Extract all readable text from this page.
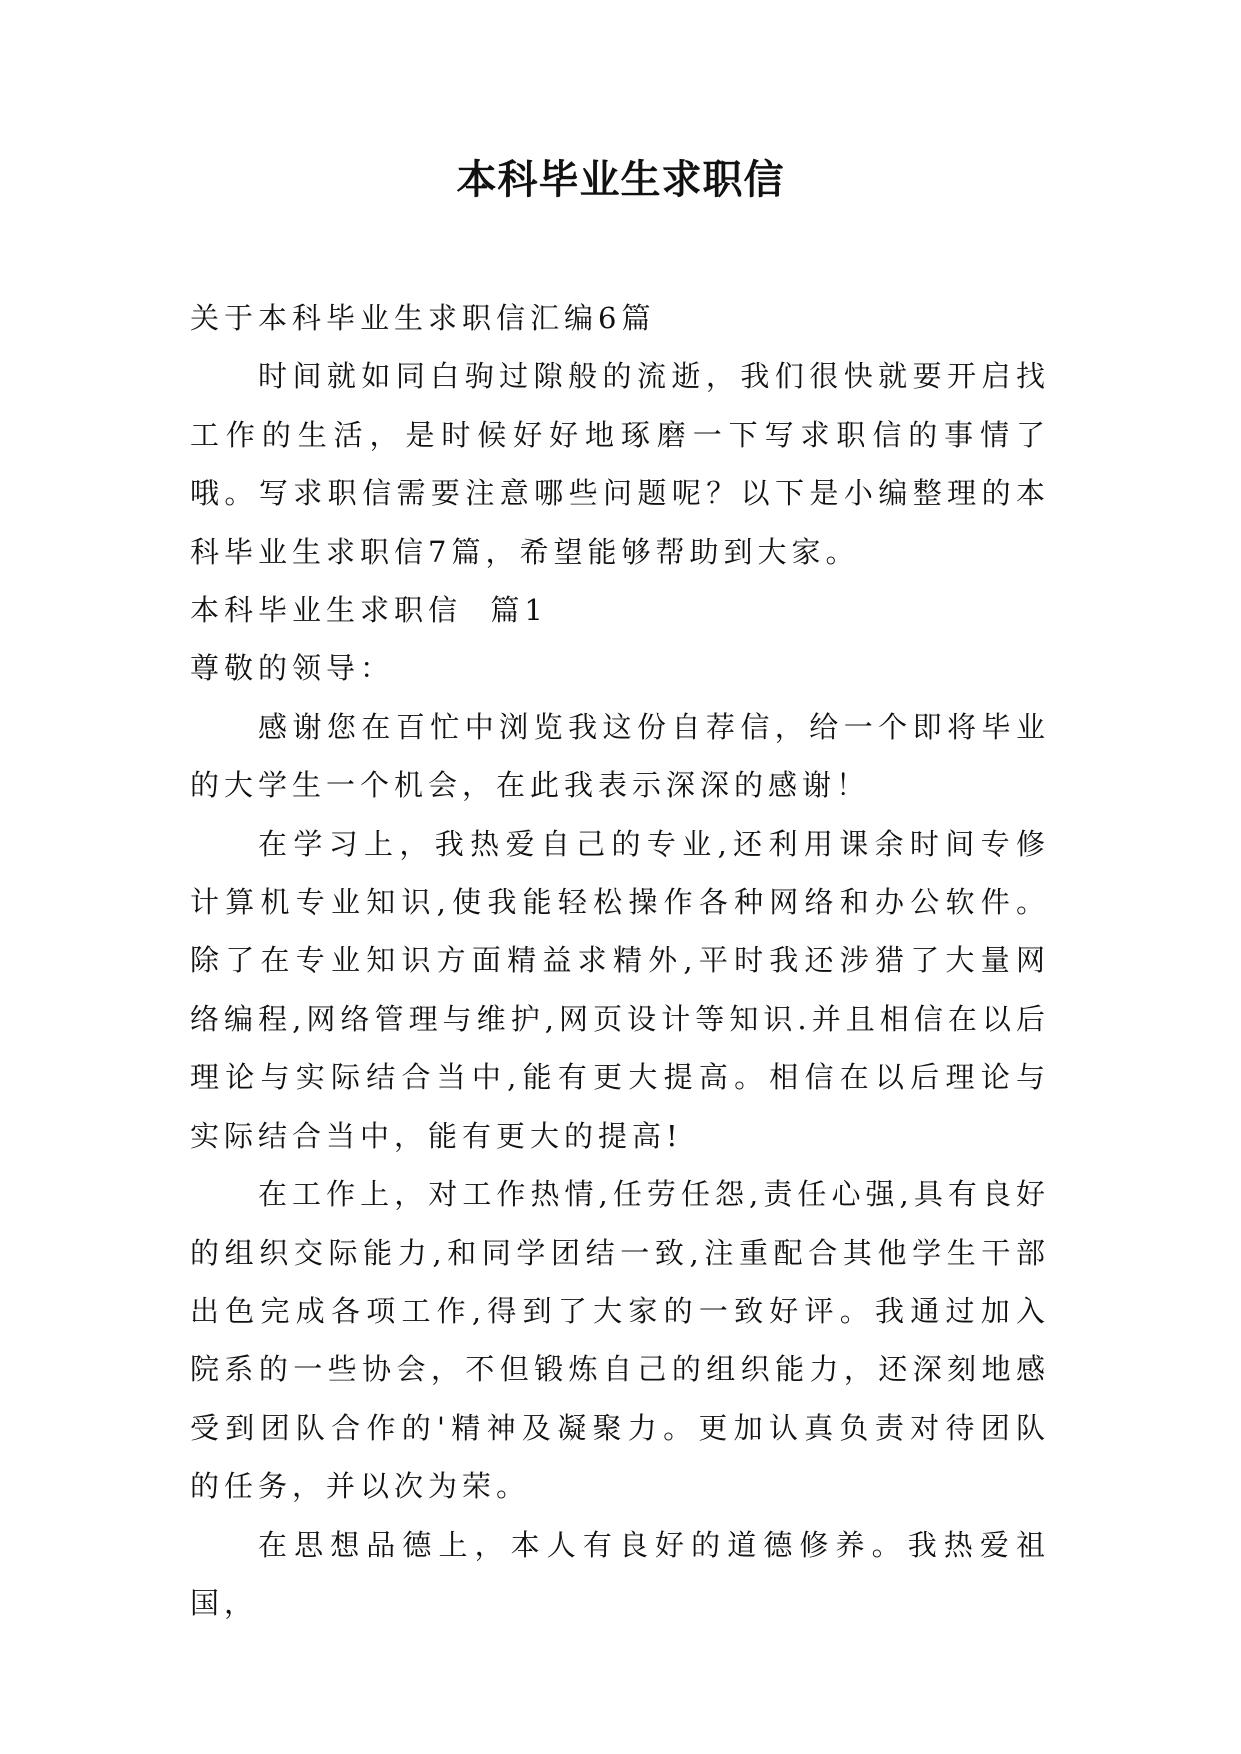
本科毕业生求职信

关于本科毕业生求职信汇编6篇

时间就如同白驹过隙般的流逝，我们很快就要开启找工作的生活，是时候好好地琢磨一下写求职信的事情了哦。写求职信需要注意哪些问题呢？以下是小编整理的本科毕业生求职信7篇，希望能够帮助到大家。

本科毕业生求职信  篇1

尊敬的领导：

感谢您在百忙中浏览我这份自荐信，给一个即将毕业的大学生一个机会，在此我表示深深的感谢！

在学习上，我热爱自己的专业,还利用课余时间专修计算机专业知识,使我能轻松操作各种网络和办公软件。除了在专业知识方面精益求精外,平时我还涉猎了大量网络编程,网络管理与维护,网页设计等知识.并且相信在以后理论与实际结合当中,能有更大提高。相信在以后理论与实际结合当中，能有更大的提高!

在工作上，对工作热情,任劳任怨,责任心强,具有良好的组织交际能力,和同学团结一致,注重配合其他学生干部出色完成各项工作,得到了大家的一致好评。我通过加入院系的一些协会，不但锻炼自己的组织能力，还深刻地感受到团队合作的'精神及凝聚力。更加认真负责对待团队的任务，并以次为荣。

在思想品德上，本人有良好的道德修养。我热爱祖国，
